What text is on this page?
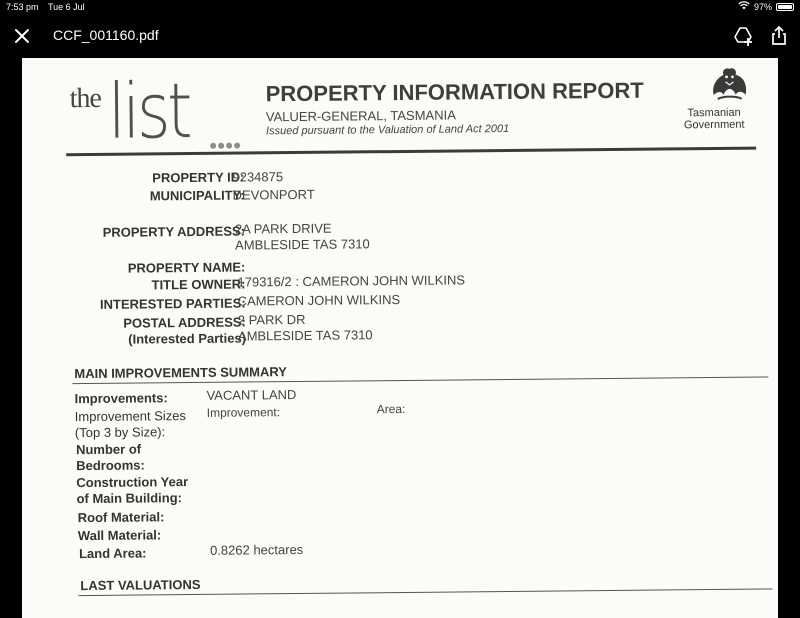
7:53 pm Tue 6 Jul	97%
CCF_001160.pdf
the list	PROPERTY INFORMATION REPORT
VALUER-GENERAL, TASMANIA
Issued pursuant to the Valuation of Land Act 2001
Tasmanian
Government
PROPERTY ID:
9234875
MUNICIPALITY:
DEVONPORT
PROPERTY ADDRESS:
2A PARK DRIVE
AMBLESIDE TAS 7310
PROPERTY NAME:
TITLE OWNER:
179316/2 : CAMERON JOHN WILKINS
INTERESTED PARTIES:
CAMERON JOHN WILKINS
POSTAL ADDRESS:
2 PARK DR
(Interested Parties)
AMBLESIDE TAS 7310
MAIN IMPROVEMENTS SUMMARY
Improvements:	VACANT LAND
Improvement Sizes
(Top 3 by Size):
Improvement:	Area:
Number of
Bedrooms:
Construction Year
of Main Building:
Roof Material:
Wall Material:
Land Area:	0.8262 hectares
LAST VALUATIONS
